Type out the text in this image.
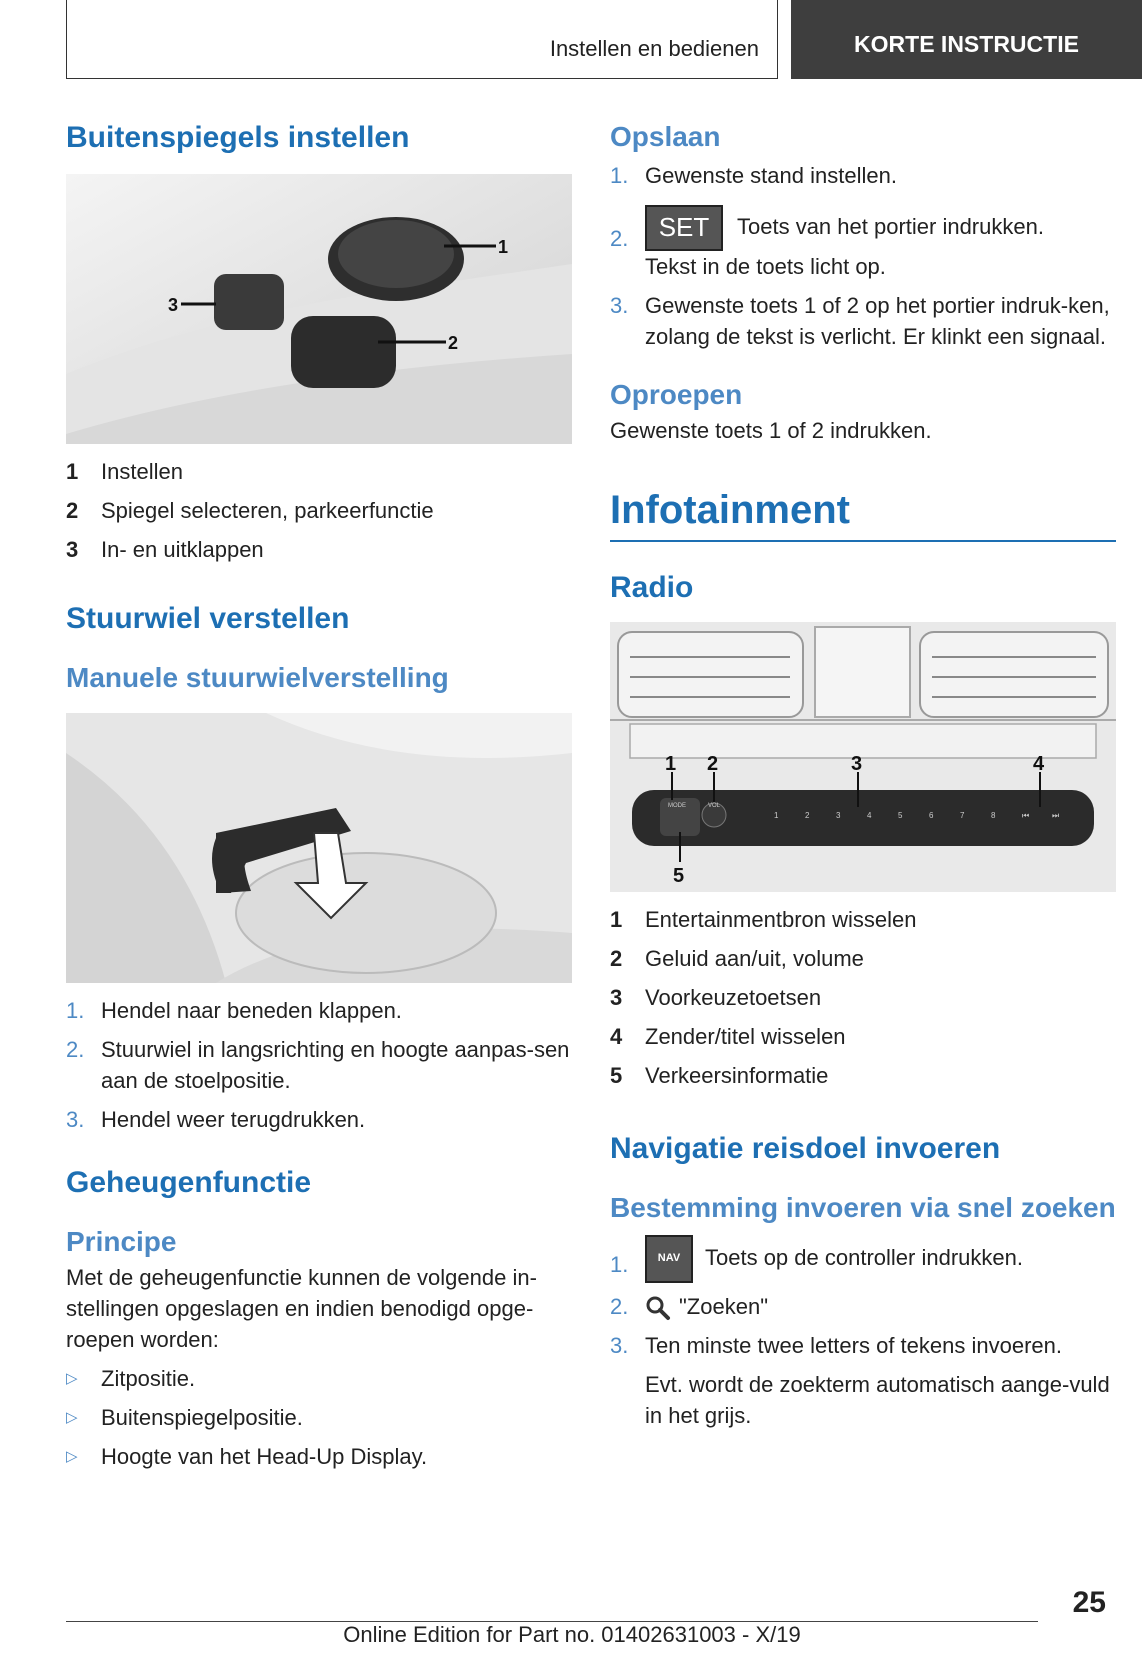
Instellen en bedienen	KORTE INSTRUCTIE
Buitenspiegels instellen
1
2
3
1	Instellen
2	Spiegel selecteren, parkeerfunctie
3	In- en uitklappen
Stuurwiel verstellen
Manuele stuurwielverstelling
1. Hendel naar beneden klappen.
2. Stuurwiel in langsrichting en hoogte aanpas-sen aan de stoelpositie.
3. Hendel weer terugdrukken.
Geheugenfunctie
Principe

Met de geheugenfunctie kunnen de volgende in-stellingen opgeslagen en indien benodigd opge-roepen worden:

▷	Zitpositie.
▷	Buitenspiegelpositie.
▷	Hoogte van het Head-Up Display.
Opslaan
1. Gewenste stand instellen.
2.	SET Toets van het portier indrukken.
Tekst in de toets licht op.
3. Gewenste toets 1 of 2 op het portier indruk-ken, zolang de tekst is verlicht. Er klinkt een signaal.
Oproepen

Gewenste toets 1 of 2 indrukken.

Infotainment
Radio
MODE	VOL
1	2	3	4	5	6	7	8	⏮	⏭
1 2	3	4
5
1	Entertainmentbron wisselen
2	Geluid aan/uit, volume
3	Voorkeuzetoetsen
4	Zender/titel wisselen
5	Verkeersinformatie
Navigatie reisdoel invoeren
Bestemming invoeren via snel zoeken
1.	NAV Toets op de controller indrukken.
2.	"Zoeken"
3. Ten minste twee letters of tekens invoeren.
Evt. wordt de zoekterm automatisch aange-vuld in het grijs.
25
Online Edition for Part no. 01402631003 - X/19
